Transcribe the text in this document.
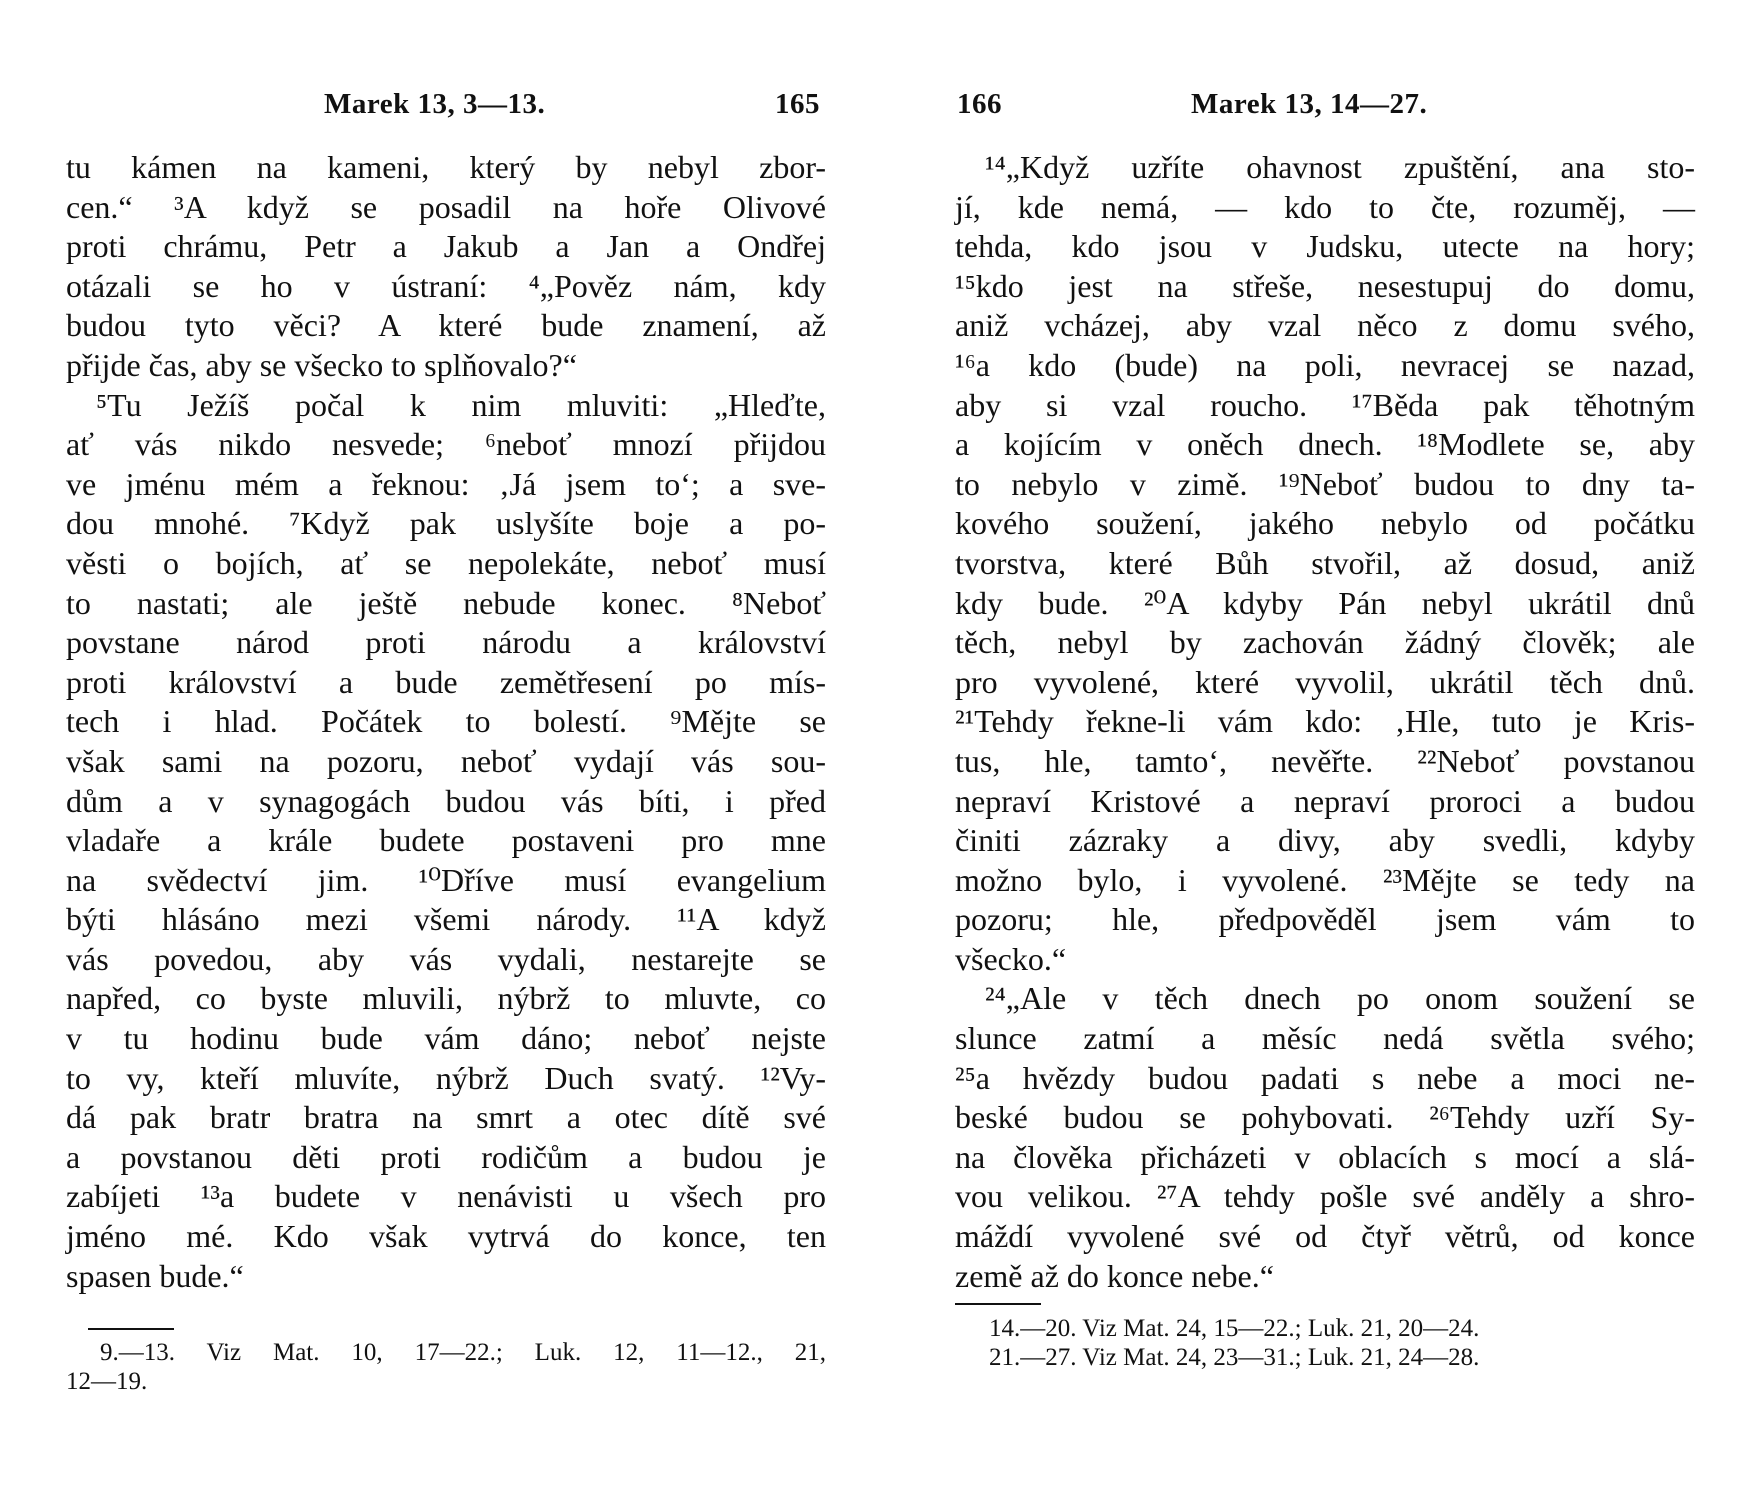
Marek 13, 3—13.	165
tu kámen na kameni, který by nebyl zbor-
cen.“ ³A když se posadil na hoře Olivové
proti chrámu, Petr a Jakub a Jan a Ondřej
otázali se ho v ústraní: ⁴„Pověz nám, kdy
budou tyto věci? A které bude znamení, až
přijde čas, aby se všecko to splňovalo?“
⁵Tu Ježíš počal k nim mluviti: „Hleďte,
ať vás nikdo nesvede; ⁶neboť mnozí přijdou
ve jménu mém a řeknou: ‚Já jsem to‘; a svе-
dou mnohé. ⁷Když pak uslyšíte boje a po-
věsti o bojích, ať se nepolekáte, neboť musí
to nastati; ale ještě nebude konec. ⁸Neboť
povstane národ proti národu a království
proti království a bude zemětřesení po mís-
tech i hlad. Počátek to bolestí. ⁹Mějte se
však sami na pozoru, neboť vydají vás sou-
dům a v synagogách budou vás bíti, i před
vladaře a krále budete postaveni pro mne
na svědectví jim. ¹⁰Dříve musí evangelium
býti hlásáno mezi všemi národy. ¹¹A když
vás povedou, aby vás vydali, nestarejte se
napřed, co byste mluvili, nýbrž to mluvte, co
v tu hodinu bude vám dáno; neboť nejste
to vy, kteří mluvíte, nýbrž Duch svatý. ¹²Vy-
dá pak bratr bratra na smrt a otec dítě své
a povstanou děti proti rodičům a budou je
zabíjeti ¹³a budete v nenávisti u všech pro
jméno mé. Kdo však vytrvá do konce, ten
spasen bude.“
9.—13. Viz Mat. 10, 17—22.; Luk. 12, 11—12., 21,
12—19.
166	Marek 13, 14—27.
¹⁴„Když uzříte ohavnost zpuštění, ana sto-
jí, kde nemá, — kdo to čte, rozuměj, —
tehda, kdo jsou v Judsku, utecte na hory;
¹⁵kdo jest na střeše, nesestupuj do domu,
aniž vcházej, aby vzal něco z domu svého,
¹⁶a kdo (bude) na poli, nevracej se nazad,
aby si vzal roucho. ¹⁷Běda pak těhotným
a kojícím v oněch dnech. ¹⁸Modlete se, aby
to nebylo v zimě. ¹⁹Neboť budou to dny ta-
kového soužení, jakého nebylo od počátku
tvorstva, které Bůh stvořil, až dosud, aniž
kdy bude. ²⁰A kdyby Pán nebyl ukrátil dnů
těch, nebyl by zachován žádný člověk; ale
pro vyvolené, které vyvolil, ukrátil těch dnů.
²¹Tehdy řekne-li vám kdo: ‚Hle, tuto je Kris-
tus, hle, tamto‘, nevěřte. ²²Neboť povstanou
nepraví Kristové a nepraví proroci a budou
činiti zázraky a divy, aby svedli, kdyby
možno bylo, i vyvolené. ²³Mějte se tedy na
pozoru; hle, předpověděl jsem vám to
všecko.“
²⁴„Ale v těch dnech po onom soužení se
slunce zatmí a měsíc nedá světla svého;
²⁵a hvězdy budou padati s nebe a moci ne-
beské budou se pohybovati. ²⁶Tehdy uzří Sy-
na člověka přicházeti v oblacích s mocí a slá-
vou velikou. ²⁷A tehdy pošle své anděly a shro-
máždí vyvolené své od čtyř větrů, od konce
země až do konce nebe.“
14.—20. Viz Mat. 24, 15—22.; Luk. 21, 20—24.
21.—27. Viz Mat. 24, 23—31.; Luk. 21, 24—28.
